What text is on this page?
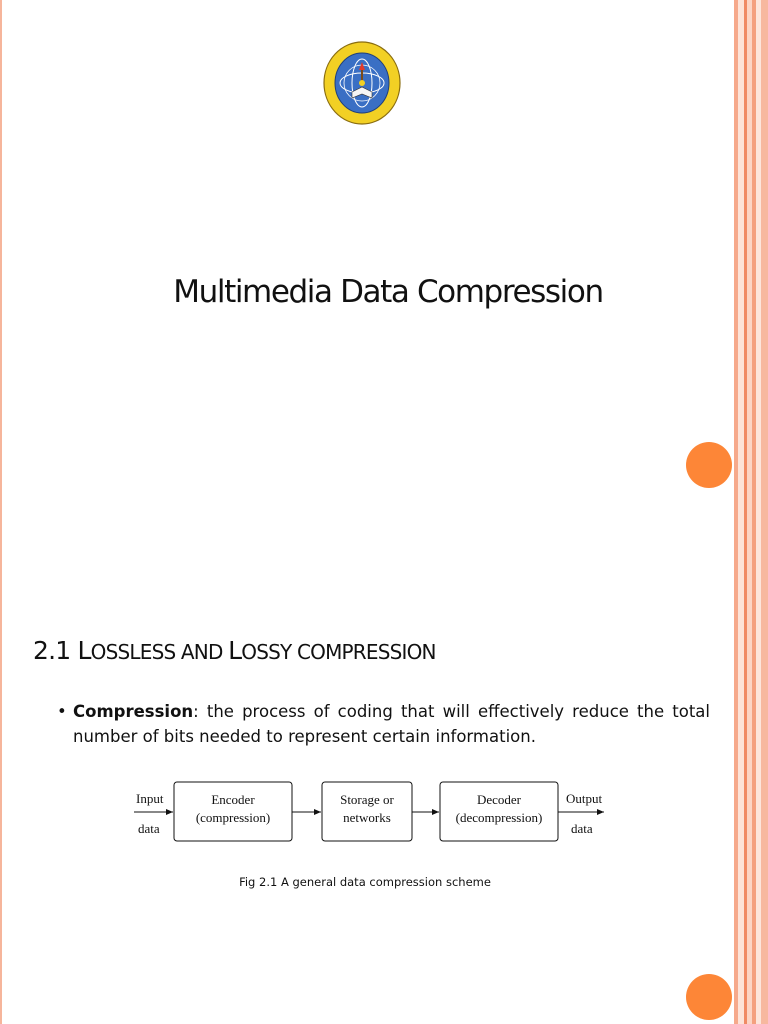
Multimedia Data Compression
2.1 LOSSLESS AND LOSSY COMPRESSION
• Compression: the process of coding that will effectively reduce the total number of bits needed to represent certain information.
Input
data
Encoder
(compression)
Storage or
networks
Decoder
(decompression)
Output
data
Fig 2.1 A general data compression scheme
